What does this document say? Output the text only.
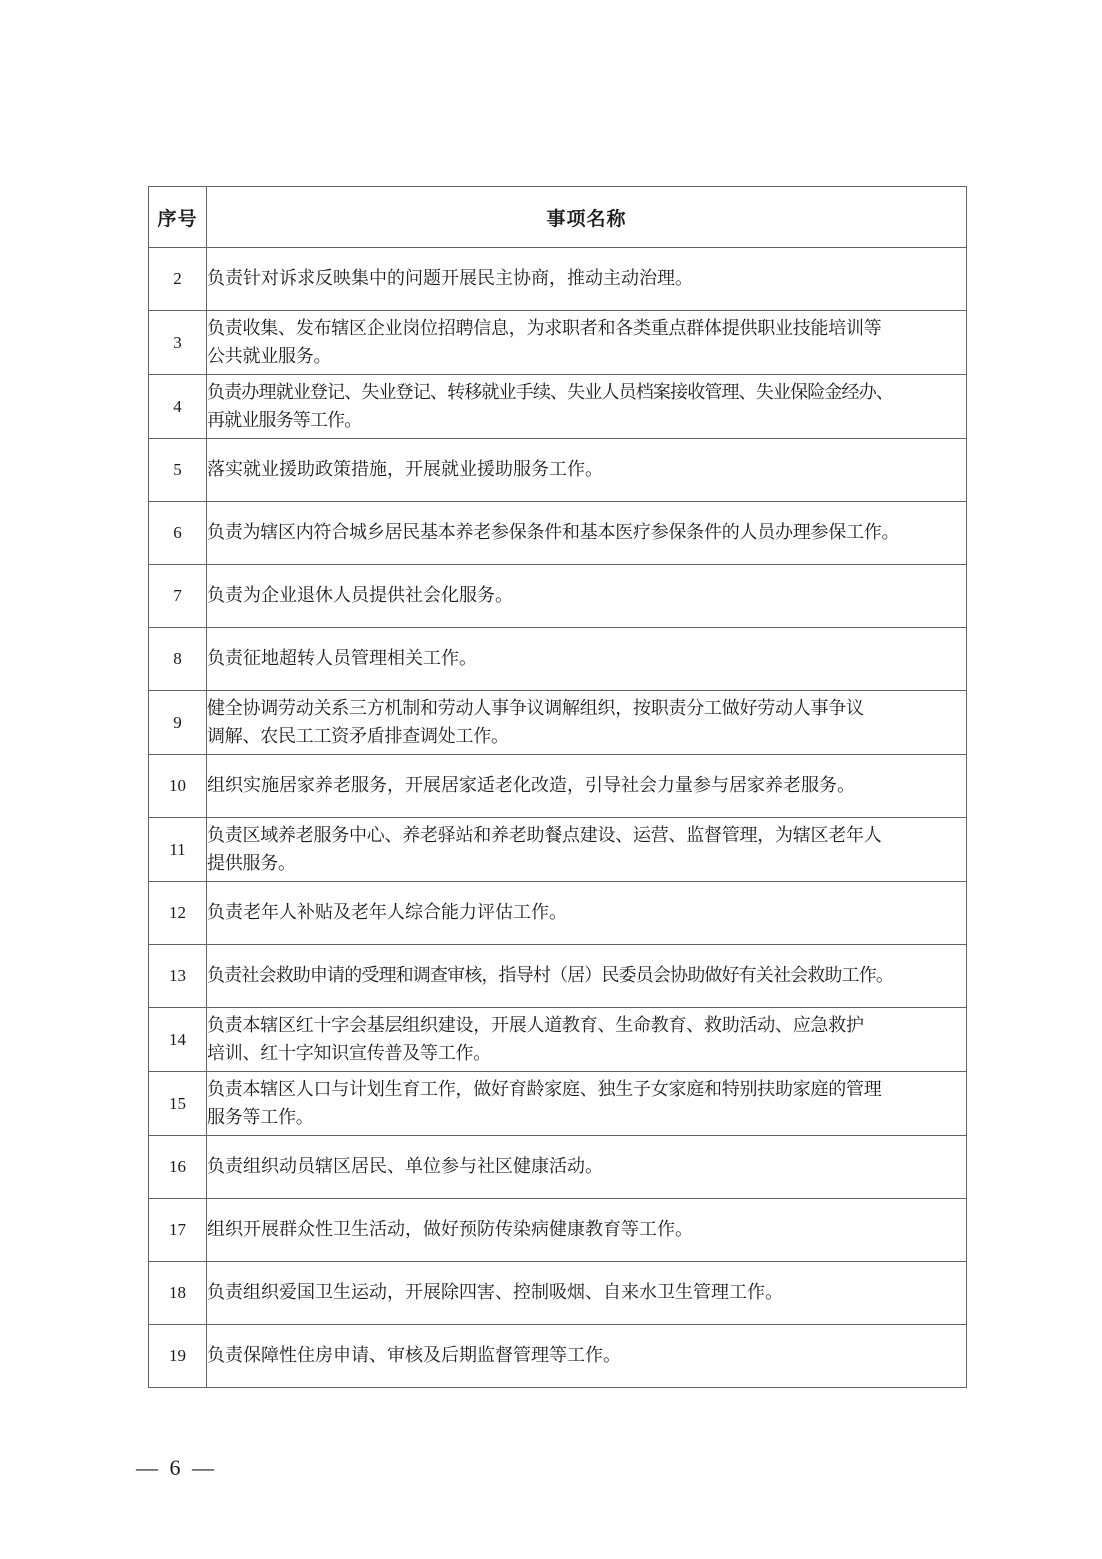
序号	事项名称
2	负责针对诉求反映集中的问题开展民主协商，推动主动治理。

3	负责收集、发布辖区企业岗位招聘信息，为求职者和各类重点群体提供职业技能培训等
公共就业服务。

4	负责办理就业登记、失业登记、转移就业手续、失业人员档案接收管理、失业保险金经办、
再就业服务等工作。

5	落实就业援助政策措施，开展就业援助服务工作。

6	负责为辖区内符合城乡居民基本养老参保条件和基本医疗参保条件的人员办理参保工作。

7	负责为企业退休人员提供社会化服务。

8	负责征地超转人员管理相关工作。

9	健全协调劳动关系三方机制和劳动人事争议调解组织，按职责分工做好劳动人事争议
调解、农民工工资矛盾排查调处工作。

10	组织实施居家养老服务，开展居家适老化改造，引导社会力量参与居家养老服务。

11	负责区域养老服务中心、养老驿站和养老助餐点建设、运营、监督管理，为辖区老年人
提供服务。

12	负责老年人补贴及老年人综合能力评估工作。

13	负责社会救助申请的受理和调查审核，指导村（居）民委员会协助做好有关社会救助工作。

14	负责本辖区红十字会基层组织建设，开展人道教育、生命教育、救助活动、应急救护
培训、红十字知识宣传普及等工作。

15	负责本辖区人口与计划生育工作，做好育龄家庭、独生子女家庭和特别扶助家庭的管理
服务等工作。

16	负责组织动员辖区居民、单位参与社区健康活动。

17	组织开展群众性卫生活动，做好预防传染病健康教育等工作。

18	负责组织爱国卫生运动，开展除四害、控制吸烟、自来水卫生管理工作。

19	负责保障性住房申请、审核及后期监督管理等工作。
— 6 —
